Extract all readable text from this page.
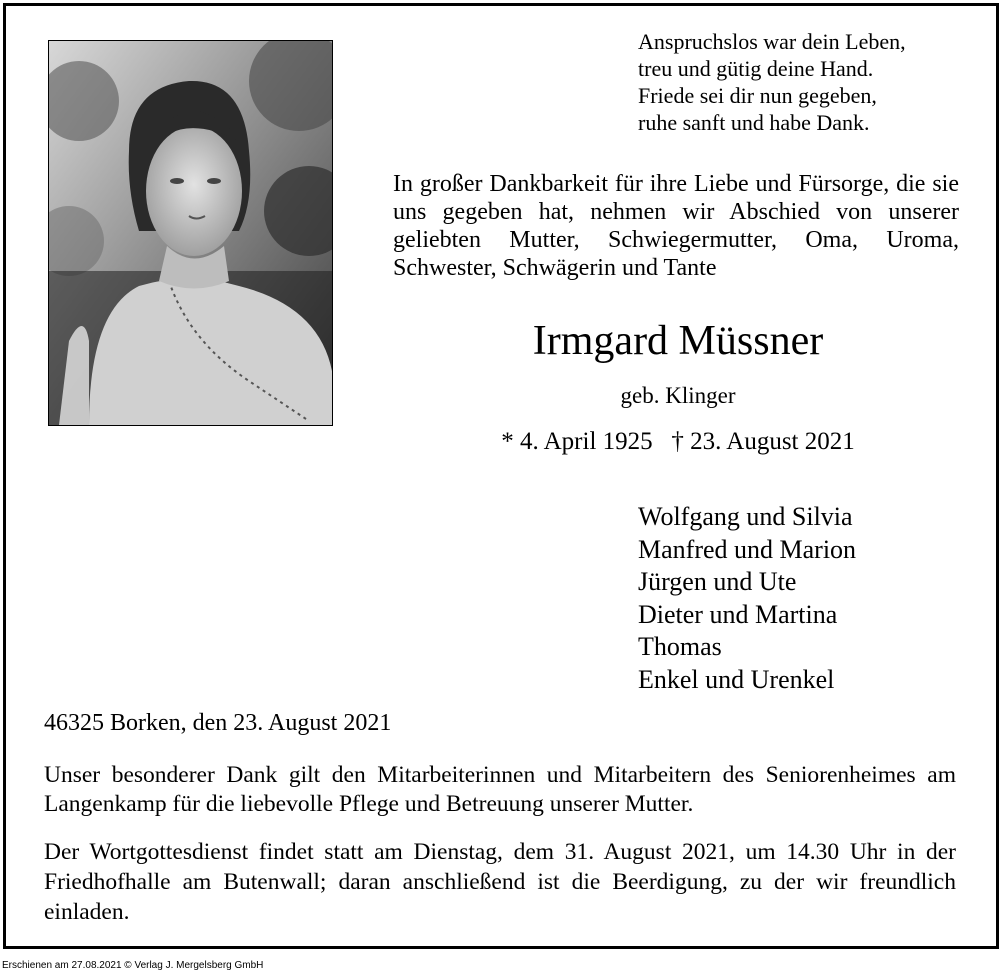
Anspruchslos war dein Leben,
treu und gütig deine Hand.
Friede sei dir nun gegeben,
ruhe sanft und habe Dank.
In großer Dankbarkeit für ihre Liebe und Fürsorge, die sie uns gegeben hat, nehmen wir Abschied von unserer geliebten Mutter, Schwiegermutter, Oma, Uroma, Schwester, Schwägerin und Tante
Irmgard Müssner
geb. Klinger
* 4. April 1925   † 23. August 2021
Wolfgang und Silvia
Manfred und Marion
Jürgen und Ute
Dieter und Martina
Thomas
Enkel und Urenkel
46325 Borken, den 23. August 2021
Unser besonderer Dank gilt den Mitarbeiterinnen und Mitarbeitern des Seniorenheimes am Langenkamp für die liebevolle Pflege und Betreuung unserer Mutter.
Der Wortgottesdienst findet statt am Dienstag, dem 31. August 2021, um 14.30 Uhr in der Friedhofhalle am Butenwall; daran anschließend ist die Beerdigung, zu der wir freundlich einladen.
Erschienen am 27.08.2021 © Verlag J. Mergelsberg GmbH
